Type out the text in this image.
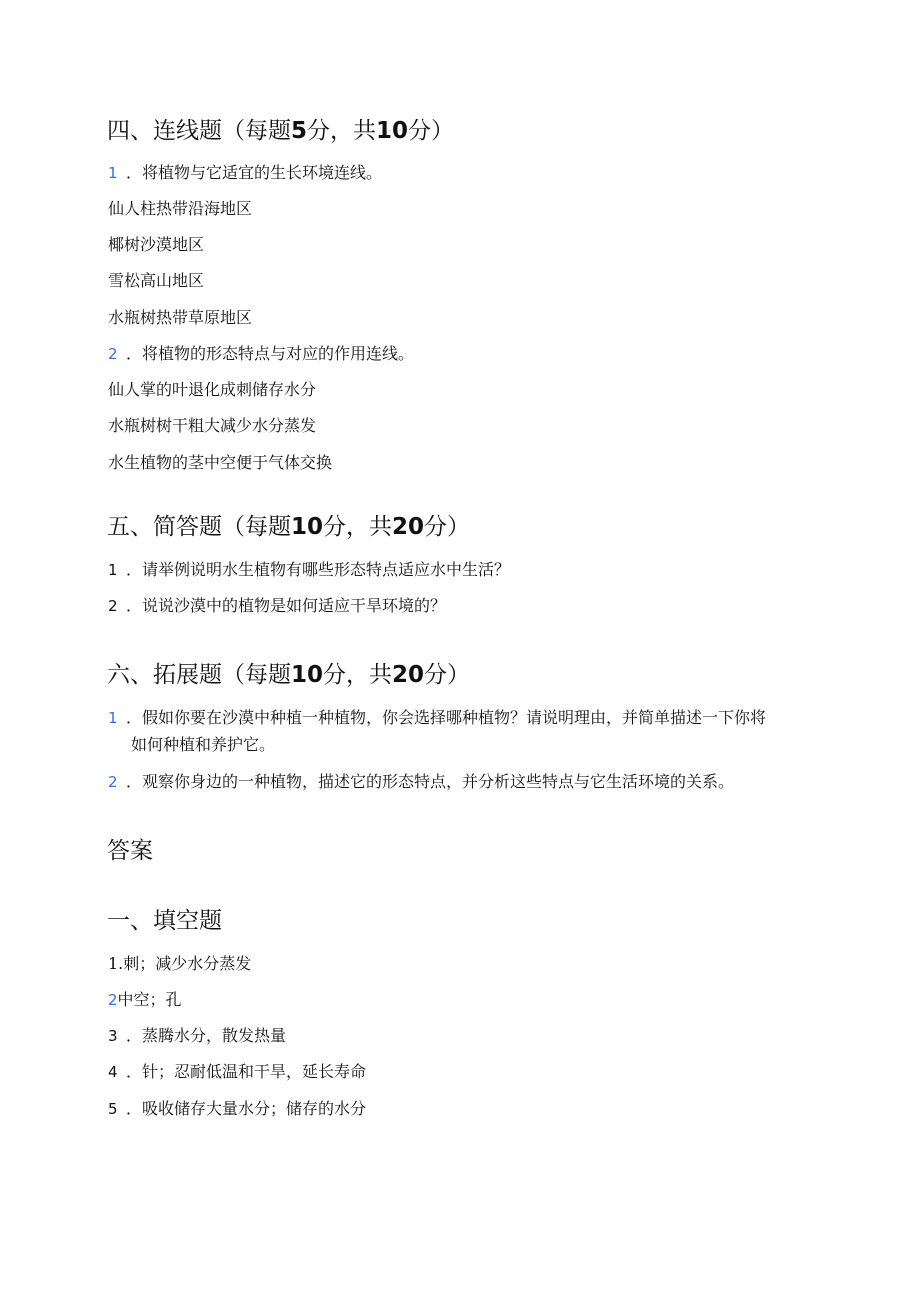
四、连线题（每题5分，共10分）
1 ．将植物与它适宜的生长环境连线。
仙人柱热带沿海地区
椰树沙漠地区
雪松高山地区
水瓶树热带草原地区
2 ．将植物的形态特点与对应的作用连线。
仙人掌的叶退化成刺储存水分
水瓶树树干粗大减少水分蒸发
水生植物的茎中空便于气体交换
五、简答题（每题10分，共20分）
1 ．请举例说明水生植物有哪些形态特点适应水中生活？
2 ．说说沙漠中的植物是如何适应干旱环境的？
六、拓展题（每题10分，共20分）
1 ．假如你要在沙漠中种植一种植物，你会选择哪种植物？请说明理由，并简单描述一下你将
如何种植和养护它。
2 ．观察你身边的一种植物，描述它的形态特点，并分析这些特点与它生活环境的关系。
答案
一、填空题
1.刺；减少水分蒸发
2中空；孔
3 ．蒸腾水分，散发热量
4 ．针；忍耐低温和干旱，延长寿命
5 ．吸收储存大量水分；储存的水分
